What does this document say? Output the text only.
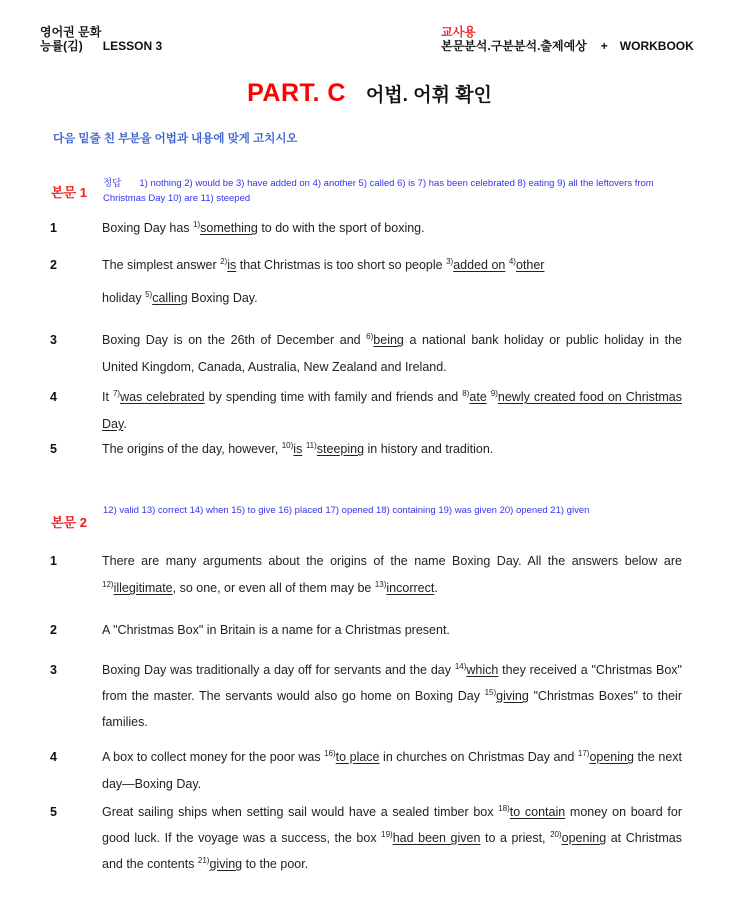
영어권 문화
능률(김) LESSON 3
교사용
본문분석.구분분석.출제예상 + WORKBOOK
PART. C 어법. 어휘 확인
다음 밑줄 친 부분을 어법과 내용에 맞게 고치시오
본문 1
정답 1) nothing 2) would be 3) have added on 4) another 5) called 6) is 7) has been celebrated 8) eating 9) all the leftovers from Christmas Day 10) are 11) steeped
1	Boxing Day has $^{1)}$something to do with the sport of boxing.
2	The simplest answer $^{2)}$is that Christmas is too short so people $^{3)}$added on $^{4)}$other
holiday $^{5)}$calling Boxing Day.
3	Boxing Day is on the 26th of December and $^{6)}$being a national bank holiday or public holiday in the United Kingdom, Canada, Australia, New Zealand and Ireland.
4	It $^{7)}$was celebrated by spending time with family and friends and $^{8)}$ate $^{9)}$newly created food on Christmas Day.
5	The origins of the day, however, $^{10)}$is $^{11)}$steeping in history and tradition.
본문 2
12) valid 13) correct 14) when 15) to give 16) placed 17) opened 18) containing 19) was given 20) opened 21) given
1	There are many arguments about the origins of the name Boxing Day. All the answers below are $^{12)}$illegitimate, so one, or even all of them may be $^{13)}$incorrect.
2	A "Christmas Box" in Britain is a name for a Christmas present.
3	Boxing Day was traditionally a day off for servants and the day $^{14)}$which they received a "Christmas Box" from the master. The servants would also go home on Boxing Day $^{15)}$giving "Christmas Boxes" to their families.
4	A box to collect money for the poor was $^{16)}$to place in churches on Christmas Day and $^{17)}$opening the next day—Boxing Day.
5	Great sailing ships when setting sail would have a sealed timber box $^{18)}$to contain money on board for good luck. If the voyage was a success, the box $^{19)}$had been given to a priest, $^{20)}$opening at Christmas and the contents $^{21)}$giving to the poor.
